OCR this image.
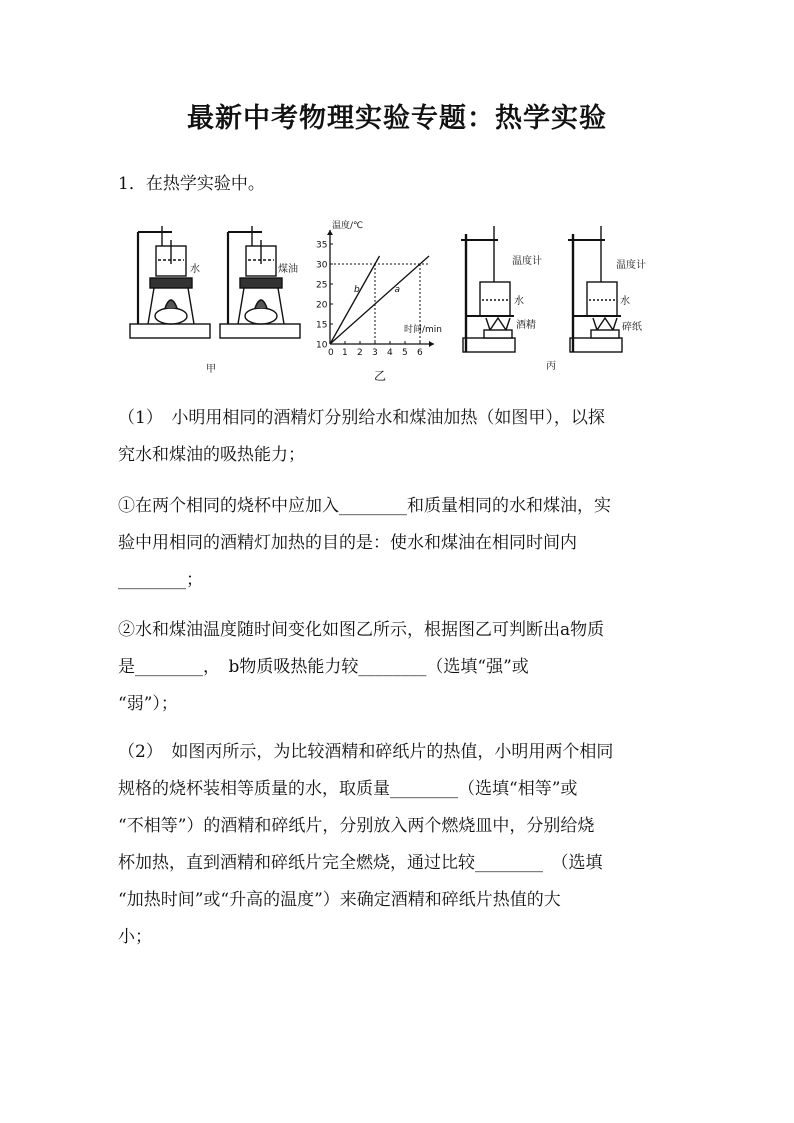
最新中考物理实验专题：热学实验
1．在热学实验中。
水	煤油
甲
35
30
25
20
15
10
1 2 3 4 5 6
a
b
温度/℃
时间/min
0
乙
温度计
水
酒精
温度计
水
碎纸
丙
（1）　小明用相同的酒精灯分别给水和煤油加热（如图甲），以探
究水和煤油的吸热能力；
①在两个相同的烧杯中应加入________和质量相同的水和煤油，实
验中用相同的酒精灯加热的目的是：使水和煤油在相同时间内
________；
②水和煤油温度随时间变化如图乙所示，根据图乙可判断出a物质
是________，　b物质吸热能力较________（选填“强”或
“弱”）；
（2）　如图丙所示，为比较酒精和碎纸片的热值，小明用两个相同
规格的烧杯装相等质量的水，取质量________（选填“相等”或
“不相等”）的酒精和碎纸片，分别放入两个燃烧皿中，分别给烧
杯加热，直到酒精和碎纸片完全燃烧，通过比较________　（选填
“加热时间”或“升高的温度”）来确定酒精和碎纸片热值的大
小；
